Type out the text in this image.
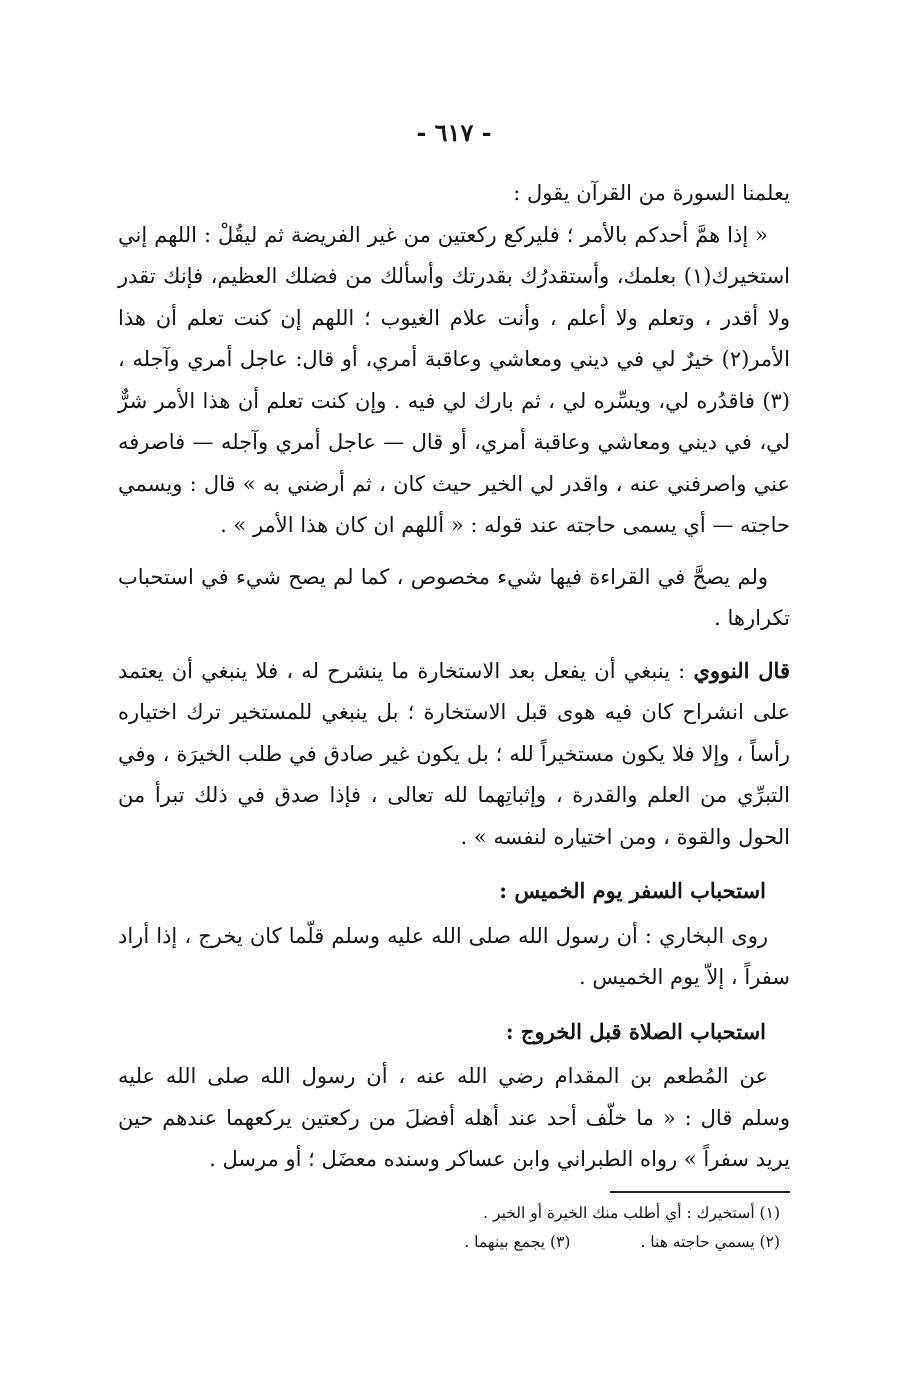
- ٦١٧ -

يعلمنا السورة من القرآن يقول :

« إذا همَّ أحدكم بالأمر ؛ فليركع ركعتين من غير الفريضة ثم ليقُلْ : اللهم إني استخيرك(١) بعلمك، وأستقدرُك بقدرتك وأسألك من فضلك العظيم، فإنك تقدر ولا أقدر ، وتعلم ولا أعلم ، وأنت علام الغيوب ؛ اللهم إن كنت تعلم أن هذا الأمر(٢) خيرٌ لي في ديني ومعاشي وعاقبة أمري، أو قال: عاجل أمري وآجله ، (٣) فاقدُره لي، ويسِّره لي ، ثم بارك لي فيه . وإن كنت تعلم أن هذا الأمر شرٌّ لي، في ديني ومعاشي وعاقبة أمري، أو قال — عاجل أمري وآجله — فاصرفه عني واصرفني عنه ، واقدر لي الخير حيث كان ، ثم أرضني به » قال : ويسمي حاجته — أي يسمى حاجته عند قوله : « أللهم ان كان هذا الأمر » .

ولم يصحَّ في القراءة فيها شيء مخصوص ، كما لم يصح شيء في استحباب تكرارها .

قال النووي : ينبغي أن يفعل بعد الاستخارة ما ينشرح له ، فلا ينبغي أن يعتمد على انشراح كان فيه هوى قبل الاستخارة ؛ بل ينبغي للمستخير ترك اختياره رأساً ، وإلا فلا يكون مستخيراً لله ؛ بل يكون غير صادق في طلب الخيرَة ، وفي التبرِّي من العلم والقدرة ، وإثباتِهما لله تعالى ، فإذا صدق في ذلك تبرأ من الحول والقوة ، ومن اختياره لنفسه » .

استحباب السفر يوم الخميس :

روى البخاري : أن رسول الله صلى الله عليه وسلم قلّما كان يخرج ، إذا أراد سفراً ، إلاّ يوم الخميس .

استحباب الصلاة قبل الخروج :

عن المُطعم بن المقدام رضي الله عنه ، أن رسول الله صلى الله عليه وسلم قال : « ما خلّف أحد عند أهله أفضلَ من ركعتين يركعهما عندهم حين يريد سفراً » رواه الطبراني وابن عساكر وسنده معضَل ؛ أو مرسل .

(١) أستخيرك : أي أطلب منك الخيرة أو الخير .
(٢) يسمي حاجته هنا .
(٣) يجمع بينهما .
